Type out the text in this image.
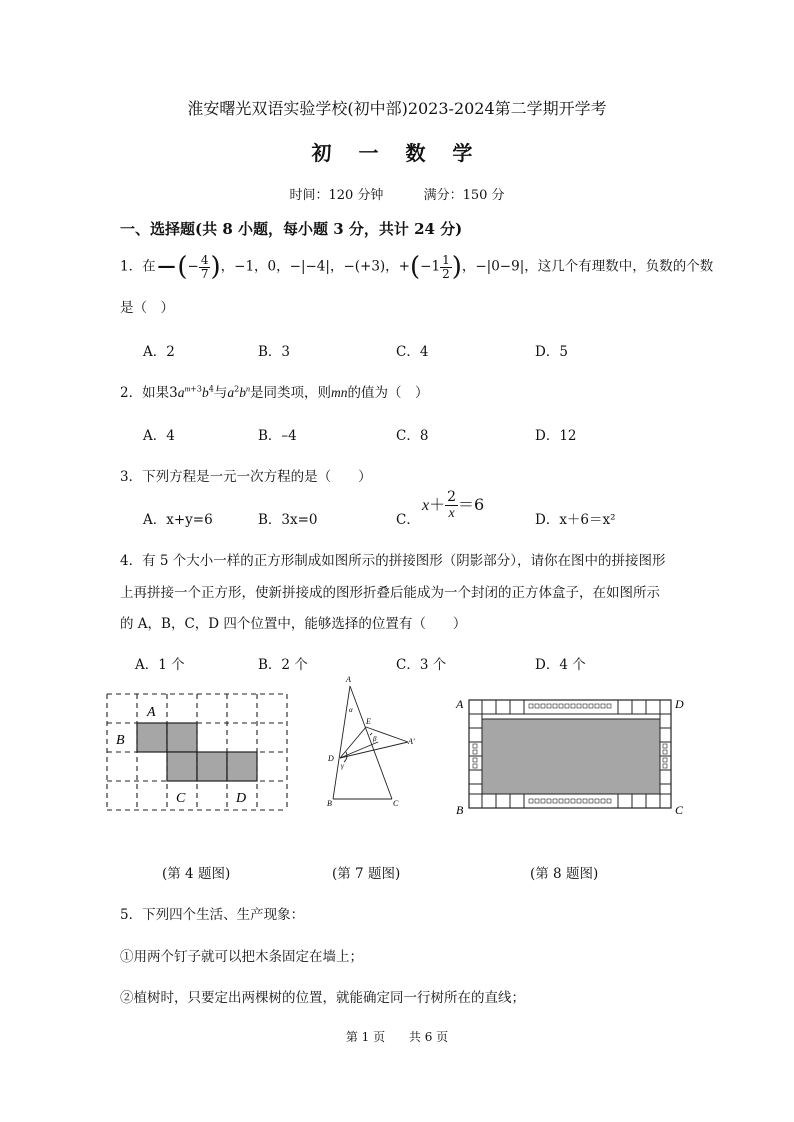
淮安曙光双语实验学校(初中部)2023-2024第二学期开学考
初 一 数 学
时间：120 分钟	满分：150 分
一、选择题(共 8 小题，每小题 3 分，共计 24 分)
1．在−(− $\frac{4}{7}$ )，−1，0，−|−4|，−(+3)，$+(-1 \frac{1}{2}$ )，−|0−9|，这几个有理数中，负数的个数
是（　）
A．2	B．3	C．4	D．5
2．如果$3a^{m+3}b^4$与$a^2b^n$是同类项，则mn的值为（　）
A．4	B．–4	C．8	D．12
3．下列方程是一元一次方程的是（　　）
A．x+y=6	B．3x=0	C．
$x+ \frac{2}{x} =6$
D．x＋6＝x²
4．有 5 个大小一样的正方形制成如图所示的拼接图形（阴影部分），请你在图中的拼接图形
上再拼接一个正方形，使新拼接成的图形折叠后能成为一个封闭的正方体盒子，在如图所示
的 A，B，C，D 四个位置中，能够选择的位置有（　　）
A．1 个	B．2 个	C．3 个	D．4 个
A
B
C	D
A
E
α
β	A′
D
γ
B	C
A	D
B	C
(第 4 题图)	(第 7 题图)	(第 8 题图)
5．下列四个生活、生产现象：
①用两个钉子就可以把木条固定在墙上；
②植树时，只要定出两棵树的位置，就能确定同一行树所在的直线；
第 1 页 共 6 页
